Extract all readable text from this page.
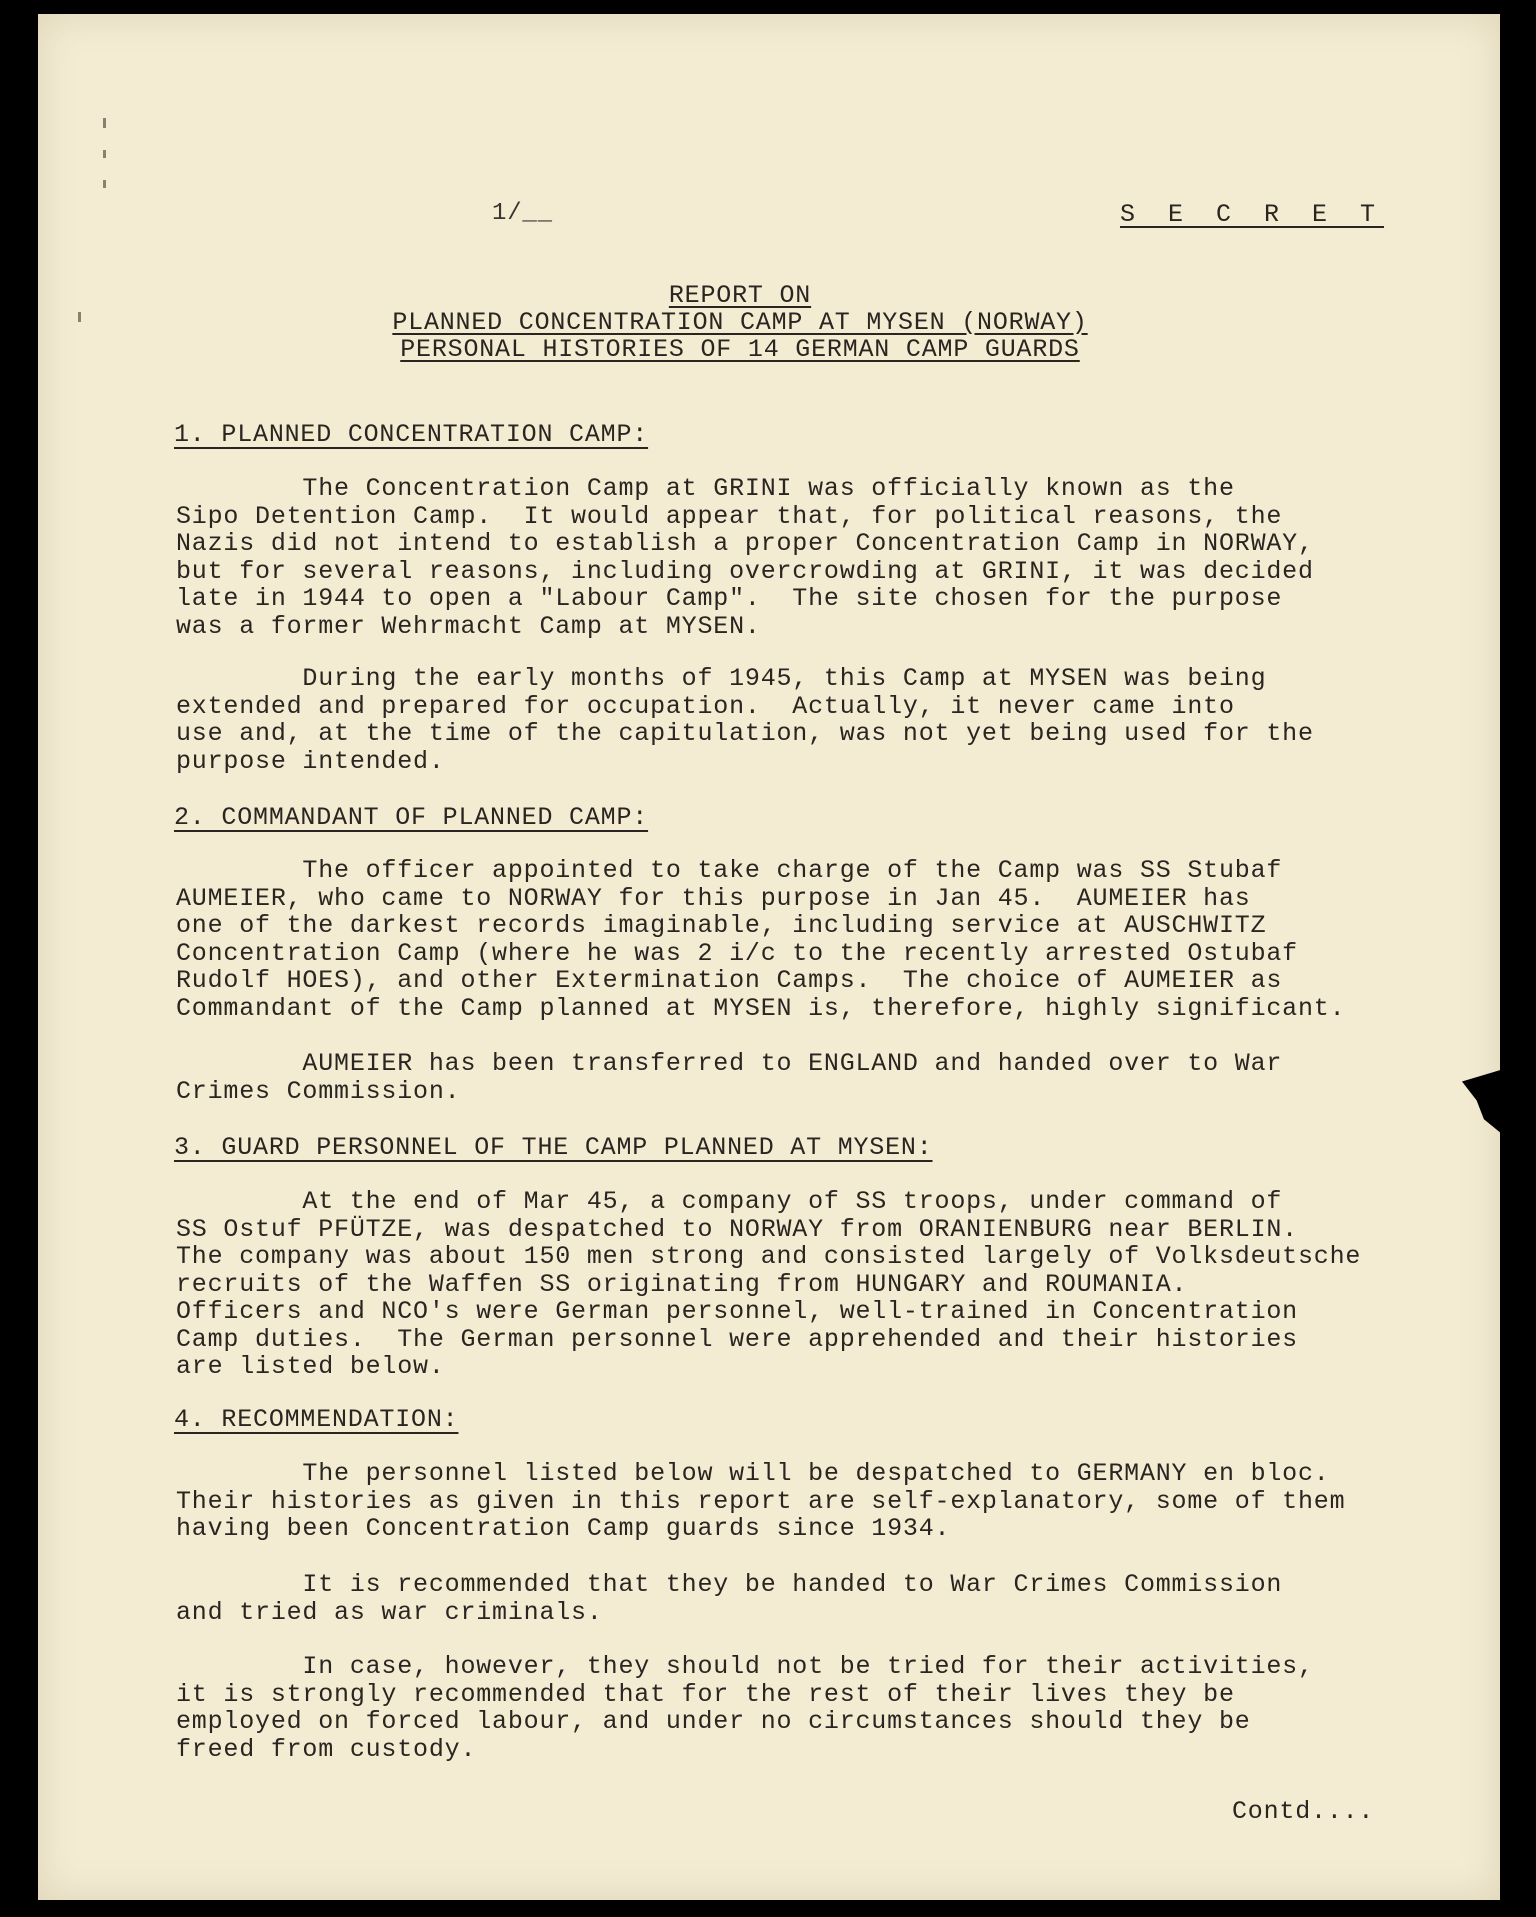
1/__	S E C R E T
REPORT ON
PLANNED CONCENTRATION CAMP AT MYSEN (NORWAY)
PERSONAL HISTORIES OF 14 GERMAN CAMP GUARDS
1. PLANNED CONCENTRATION CAMP:
The Concentration Camp at GRINI was officially known as the
Sipo Detention Camp.  It would appear that, for political reasons, the
Nazis did not intend to establish a proper Concentration Camp in NORWAY,
but for several reasons, including overcrowding at GRINI, it was decided
late in 1944 to open a "Labour Camp".  The site chosen for the purpose
was a former Wehrmacht Camp at MYSEN.
During the early months of 1945, this Camp at MYSEN was being
extended and prepared for occupation.  Actually, it never came into
use and, at the time of the capitulation, was not yet being used for the
purpose intended.
2. COMMANDANT OF PLANNED CAMP:
The officer appointed to take charge of the Camp was SS Stubaf
AUMEIER, who came to NORWAY for this purpose in Jan 45.  AUMEIER has
one of the darkest records imaginable, including service at AUSCHWITZ
Concentration Camp (where he was 2 i/c to the recently arrested Ostubaf
Rudolf HOES), and other Extermination Camps.  The choice of AUMEIER as
Commandant of the Camp planned at MYSEN is, therefore, highly significant.
AUMEIER has been transferred to ENGLAND and handed over to War
Crimes Commission.
3. GUARD PERSONNEL OF THE CAMP PLANNED AT MYSEN:
At the end of Mar 45, a company of SS troops, under command of
SS Ostuf PFÜTZE, was despatched to NORWAY from ORANIENBURG near BERLIN.
The company was about 150 men strong and consisted largely of Volksdeutsche
recruits of the Waffen SS originating from HUNGARY and ROUMANIA.
Officers and NCO's were German personnel, well-trained in Concentration
Camp duties.  The German personnel were apprehended and their histories
are listed below.
4. RECOMMENDATION:
The personnel listed below will be despatched to GERMANY en bloc.
Their histories as given in this report are self-explanatory, some of them
having been Concentration Camp guards since 1934.
It is recommended that they be handed to War Crimes Commission
and tried as war criminals.
In case, however, they should not be tried for their activities,
it is strongly recommended that for the rest of their lives they be
employed on forced labour, and under no circumstances should they be
freed from custody.
Contd....
